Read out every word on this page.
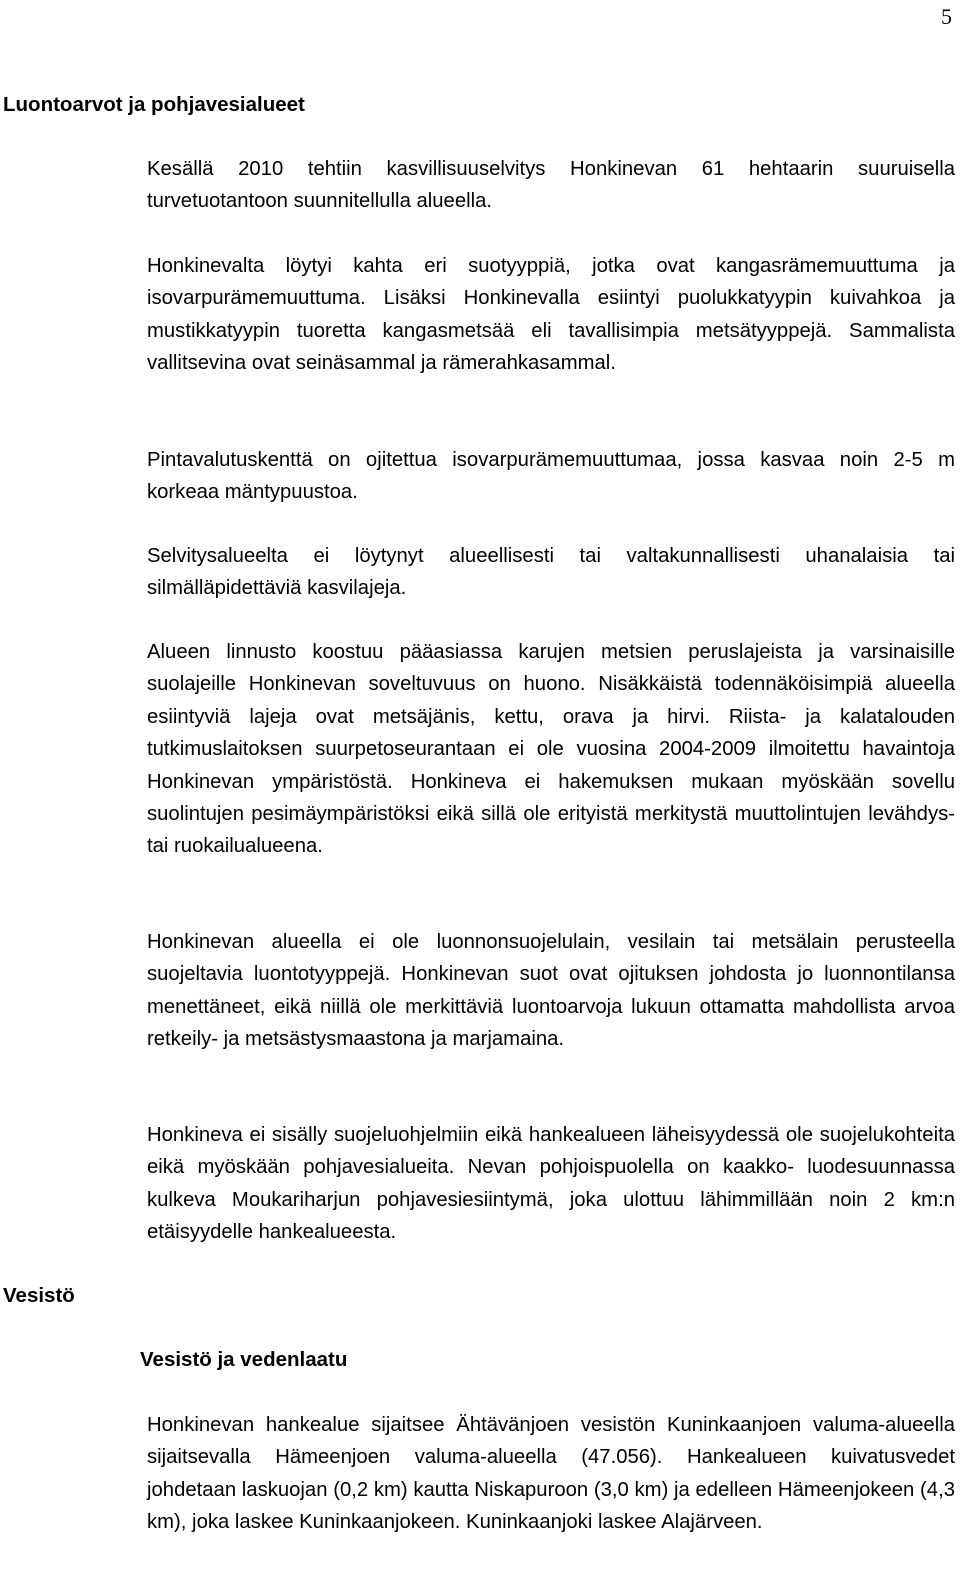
5
Luontoarvot ja pohjavesialueet

Kesällä 2010 tehtiin kasvillisuuselvitys Honkinevan 61 hehtaarin suuruisella turvetuotantoon suunnitellulla alueella.

Honkinevalta löytyi kahta eri suotyyppiä, jotka ovat kangasrämemuuttuma ja isovarpurämemuuttuma. Lisäksi Honkinevalla esiintyi puolukkatyypin kuivahkoa ja mustikkatyypin tuoretta kangasmetsää eli tavallisimpia metsätyyppejä. Sammalista vallitsevina ovat seinäsammal ja rämerahkasammal.

Pintavalutuskenttä on ojitettua isovarpurämemuuttumaa, jossa kasvaa noin 2-5 m korkeaa mäntypuustoa.

Selvitysalueelta ei löytynyt alueellisesti tai valtakunnallisesti uhanalaisia tai silmälläpidettäviä kasvilajeja.

Alueen linnusto koostuu pääasiassa karujen metsien peruslajeista ja varsinaisille suolajeille Honkinevan soveltuvuus on huono. Nisäkkäistä todennäköisimpiä alueella esiintyviä lajeja ovat metsäjänis, kettu, orava ja hirvi. Riista- ja kalatalouden tutkimuslaitoksen suurpetoseurantaan ei ole vuosina 2004-2009 ilmoitettu havaintoja Honkinevan ympäristöstä. Honkineva ei hakemuksen mukaan myöskään sovellu suolintujen pesimäympäristöksi eikä sillä ole erityistä merkitystä muuttolintujen levähdys- tai ruokailualueena.

Honkinevan alueella ei ole luonnonsuojelulain, vesilain tai metsälain perusteella suojeltavia luontotyyppejä. Honkinevan suot ovat ojituksen johdosta jo luonnontilansa menettäneet, eikä niillä ole merkittäviä luontoarvoja lukuun ottamatta mahdollista arvoa retkeily- ja metsästysmaastona ja marjamaina.

Honkineva ei sisälly suojeluohjelmiin eikä hankealueen läheisyydessä ole suojelukohteita eikä myöskään pohjavesialueita. Nevan pohjoispuolella on kaakko- luodesuunnassa kulkeva Moukariharjun pohjavesiesiintymä, joka ulottuu lähimmillään noin 2 km:n etäisyydelle hankealueesta.

Vesistö
Vesistö ja vedenlaatu

Honkinevan hankealue sijaitsee Ähtävänjoen vesistön Kuninkaanjoen valuma-alueella sijaitsevalla Hämeenjoen valuma-alueella (47.056). Hankealueen kuivatusvedet johdetaan laskuojan (0,2 km) kautta Niskapuroon (3,0 km) ja edelleen Hämeenjokeen (4,3 km), joka laskee Kuninkaanjokeen. Kuninkaanjoki laskee Alajärveen.
